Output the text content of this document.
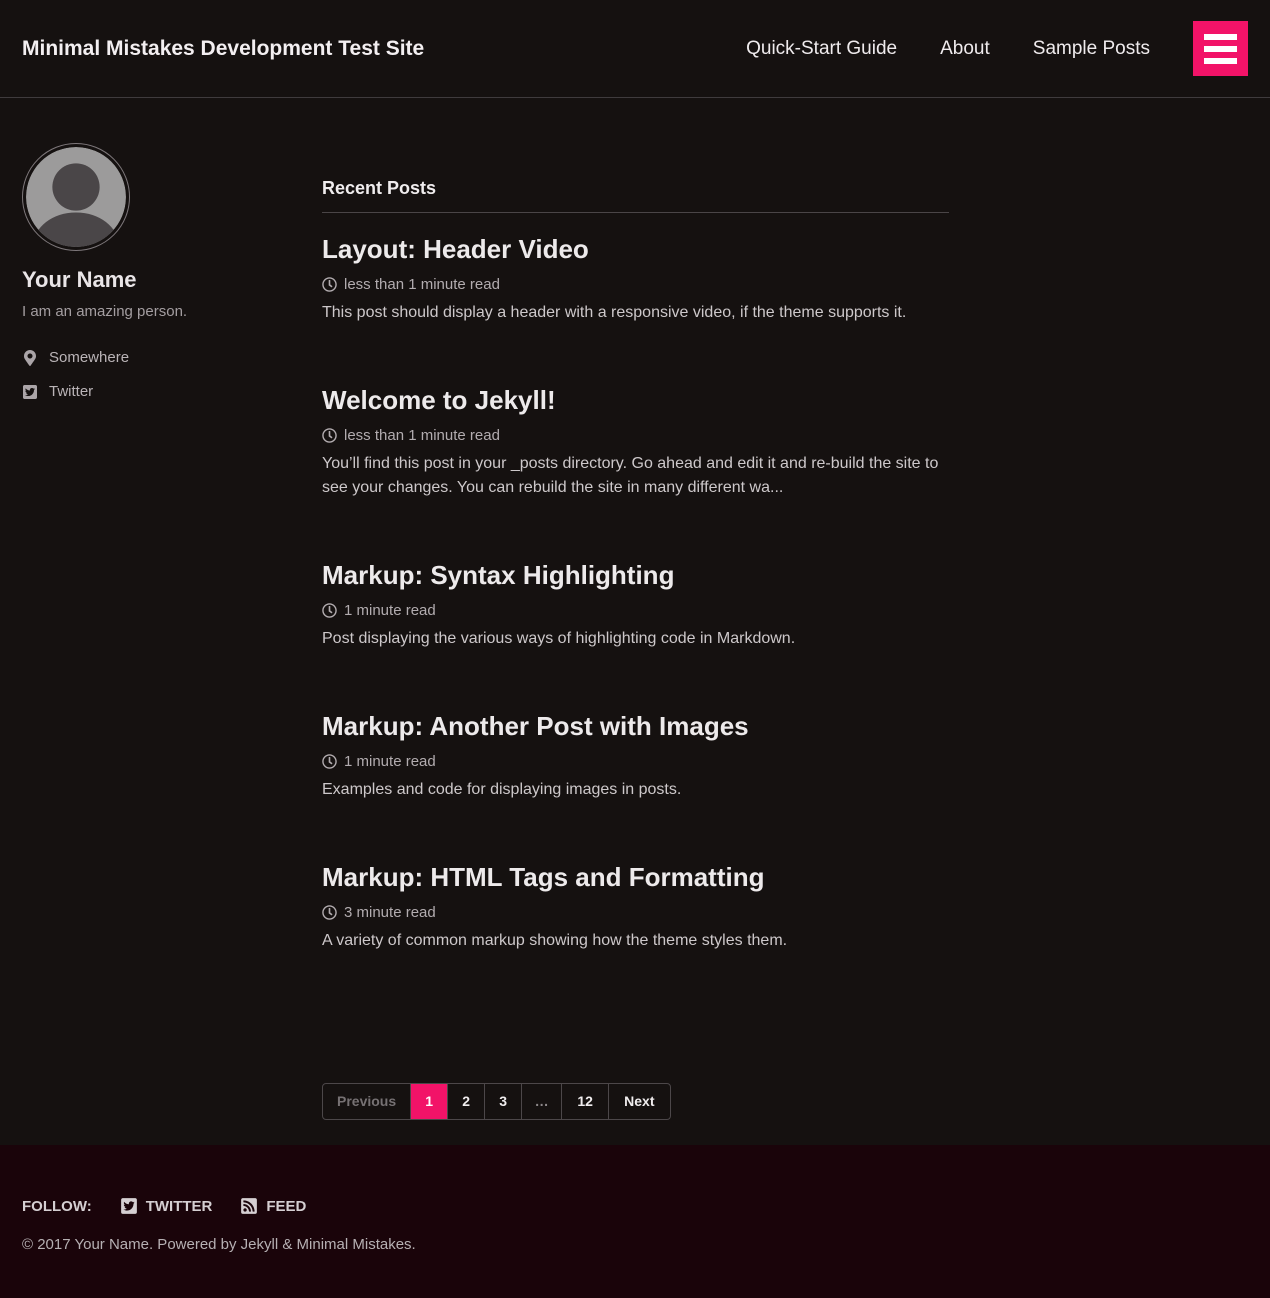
Minimal Mistakes Development Test Site	Quick-Start Guide About Sample Posts
Your Name

I am an amazing person.

Somewhere
Twitter
Recent Posts
Layout: Header Video

less than 1 minute read

This post should display a header with a responsive video, if the theme supports it.

Welcome to Jekyll!

less than 1 minute read

You’ll find this post in your _posts directory. Go ahead and edit it and re-build the site to see your changes. You can rebuild the site in many different wa...

Markup: Syntax Highlighting

1 minute read

Post displaying the various ways of highlighting code in Markdown.

Markup: Another Post with Images

1 minute read

Examples and code for displaying images in posts.

Markup: HTML Tags and Formatting

3 minute read

A variety of common markup showing how the theme styles them.

Previous	1	2	3	…	12	Next
FOLLOW:	TWITTER	FEED

© 2017 Your Name. Powered by Jekyll & Minimal Mistakes.
